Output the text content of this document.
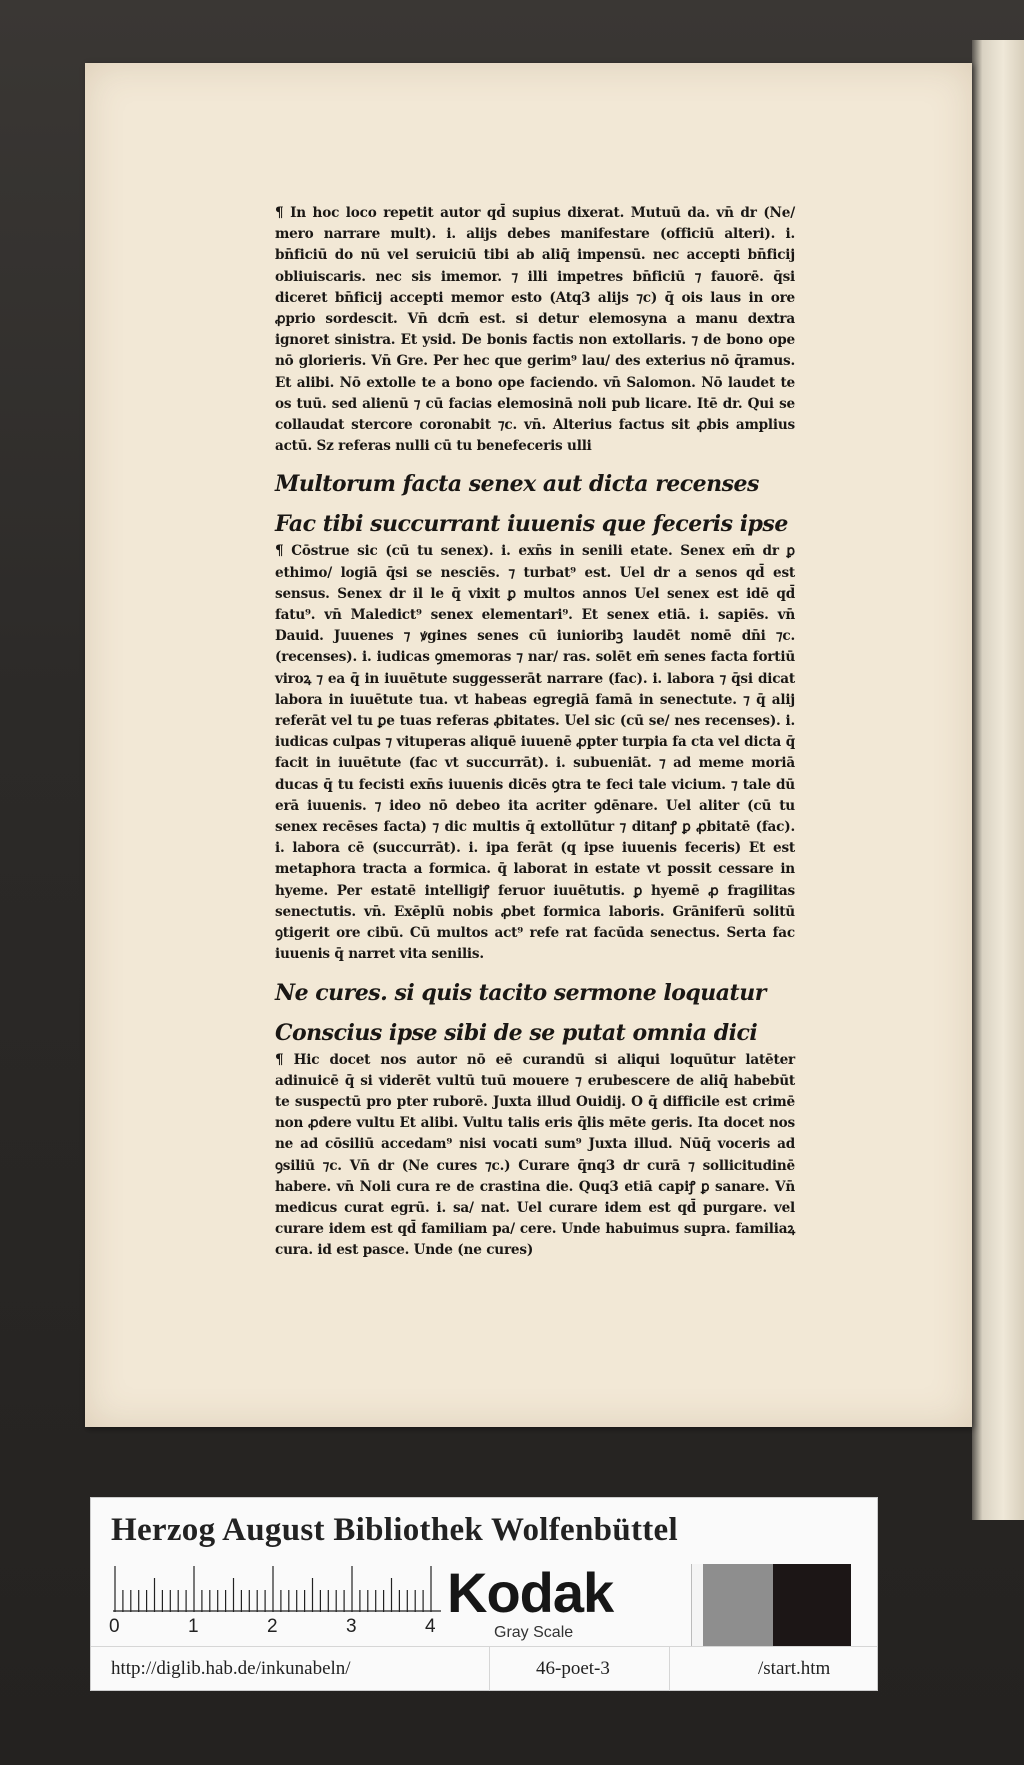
¶ In hoc loco repetit autor qd̄ supius dixerat. Mutuū da. vn̄ dr (Ne/ mero narrare mult). i. alijs debes manifestare (officiū alteri). i. bn̄ficiū do nū vel seruiciū tibi ab aliq̄ impensū. nec accepti bn̄ficij obliuiscaris. nec sis imemor. ⁊ illi impetres bn̄ficiū ⁊ fauorē. q̄si diceret bn̄ficij accepti memor esto (Atq3 alijs ⁊c) q̄ ois laus in ore ꝓprio sordescit. Vn̄ dcm̄ est. si detur elemosyna a manu dextra ignoret sinistra. Et ysid. De bonis factis non extollaris. ⁊ de bono ope nō glorieris. Vn̄ Gre. Per hec que gerim⁹ lau/ des exterius nō q̄ramus. Et alibi. Nō extolle te a bono ope faciendo. vn̄ Salomon. Nō laudet te os tuū. sed alienū ⁊ cū facias elemosinā noli pub licare. Itē dr. Qui se collaudat stercore coronabit ⁊c. vn̄. Alterius factus sit ꝓbis amplius actū. Sz referas nulli cū tu benefeceris ulli

Multorum facta senex aut dicta recenses
Fac tibi succurrant iuuenis que feceris ipse

¶ Cōstrue sic (cū tu senex). i. exn̄s in senili etate. Senex em̄ dr ꝑ ethimo/ logiā q̄si se nesciēs. ⁊ turbat⁹ est. Uel dr a senos qd̄ est sensus. Senex dr il le q̄ vixit ꝑ multos annos Uel senex est idē qd̄ fatu⁹. vn̄ Maledict⁹ senex elementari⁹. Et senex etiā. i. sapiēs. vn̄ Dauid. Juuenes ⁊ ꝟgines senes cū iunioribꝫ laudēt nomē dn̄i ⁊c. (recenses). i. iudicas ꝯmemoras ⁊ nar/ ras. solēt em̄ senes facta fortiū viroꝝ ⁊ ea q̄ in iuuētute suggesserāt narrare (fac). i. labora ⁊ q̄si dicat labora in iuuētute tua. vt habeas egregiā famā in senectute. ⁊ q̄ alij referāt vel tu ꝑe tuas referas ꝓbitates. Uel sic (cū se/ nes recenses). i. iudicas culpas ⁊ vituperas aliquē iuuenē ꝓpter turpia fa cta vel dicta q̄ facit in iuuētute (fac vt succurrāt). i. subueniāt. ⁊ ad meme moriā ducas q̄ tu fecisti exn̄s iuuenis dicēs ꝯtra te feci tale vicium. ⁊ tale dū erā iuuenis. ⁊ ideo nō debeo ita acriter ꝯdēnare. Uel aliter (cū tu senex recēses facta) ⁊ dic multis q̄ extollūtur ⁊ ditanꝭ ꝑ ꝓbitatē (fac). i. labora cē (succurrāt). i. ipa ferāt (q ipse iuuenis feceris) Et est metaphora tracta a formica. q̄ laborat in estate vt possit cessare in hyeme. Per estatē intelligiꝭ feruor iuuētutis. ꝑ hyemē ꝓ fragilitas senectutis. vn̄. Exēplū nobis ꝓbet formica laboris. Grāniferū solitū ꝯtigerit ore cibū. Cū multos act⁹ refe rat facūda senectus. Serta fac iuuenis q̄ narret vita senilis.

Ne cures. si quis tacito sermone loquatur
Conscius ipse sibi de se putat omnia dici

¶ Hic docet nos autor nō eē curandū si aliqui loquūtur latēter adinuicē q̄ si viderēt vultū tuū mouere ⁊ erubescere de aliq̄ habebūt te suspectū pro pter ruborē. Juxta illud Ouidij. O q̄ difficile est crimē non ꝓdere vultu Et alibi. Vultu talis eris q̄lis mēte geris. Ita docet nos ne ad cōsiliū accedam⁹ nisi vocati sum⁹ Juxta illud. Nūq̄ voceris ad ꝯsiliū ⁊c. Vn̄ dr (Ne cures ⁊c.) Curare q̄nq3 dr curā ⁊ sollicitudinē habere. vn̄ Noli cura re de crastina die. Quq3 etiā capiꝭ ꝑ sanare. Vn̄ medicus curat egrū. i. sa/ nat. Uel curare idem est qd̄ purgare. vel curare idem est qd̄ familiam pa/ cere. Unde habuimus supra. familiaꝝ cura. id est pasce. Unde (ne cures)

Herzog August Bibliothek Wolfenbüttel
0	1	2	3	4
Kodak
Gray Scale
http://diglib.hab.de/inkunabeln/	46-poet-3	/start.htm
